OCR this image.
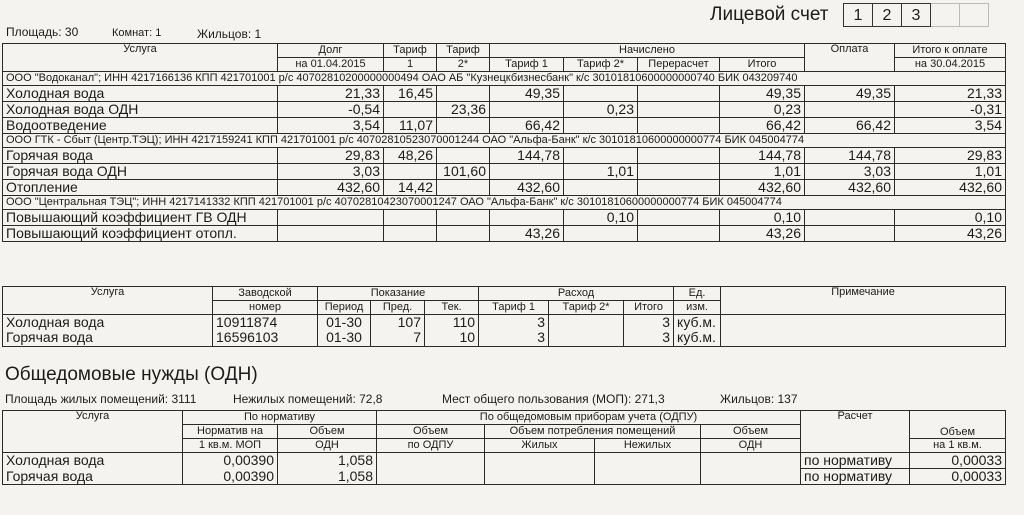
Лицевой счет 1	2	3		
Площадь: 30	Комнат: 1	Жильцов: 1
Услуга	Долг	Тариф	Тариф	Начислено				Оплата	Итого к оплате
	на 01.04.2015	1	2*	Тариф 1	Тариф 2*	Перерасчет	Итого		на 30.04.2015
ООО "Водоканал"; ИНН 4217166136 КПП 421701001 р/с 40702810200000000494 ОАО АБ "Кузнецкбизнесбанк" к/с 30101810600000000740 БИК 043209740									
Холодная вода	21,33	16,45		49,35			49,35	49,35	21,33
Холодная вода ОДН	-0,54		23,36		0,23		0,23		-0,31
Водоотведение	3,54	11,07		66,42			66,42	66,42	3,54
ООО ГТК - Сбыт (Центр.ТЭЦ); ИНН 4217159241 КПП 421701001 р/с 40702810523070001244 ОАО "Альфа-Банк" к/с 30101810600000000774 БИК 045004774									
Горячая вода	29,83	48,26		144,78			144,78	144,78	29,83
Горячая вода ОДН	3,03		101,60		1,01		1,01	3,03	1,01
Отопление	432,60	14,42		432,60			432,60	432,60	432,60
ООО "Центральная ТЭЦ"; ИНН 4217141332 КПП 421701001 р/с 40702810423070001247 ОАО "Альфа-Банк" к/с 30101810600000000774 БИК 045004774									
Повышающий коэффициент ГВ ОДН					0,10		0,10		0,10
Повышающий коэффициент отопл.				43,26			43,26		43,26
Услуга	Заводской	Показание			Расход			Ед.	Примечание
	номер	Период	Пред.	Тек.	Тариф 1	Тариф 2*	Итого	изм.	
Холодная вода	10911874	01-30	107	110	3		3	куб.м.	
Горячая вода	16596103	01-30	7	10	3		3	куб.м.	
Общедомовые нужды (ОДН)
Площадь жилых помещений: 3111	Нежилых помещений: 72,8	Мест общего пользования (МОП): 271,3	Жильцов: 137
Услуга	По нормативу		По общедомовым приборам учета (ОДПУ)				Расчет	Объем
	Норматив на	Объем	Объем	Объем потребления помещений		Объем		
	1 кв.м. МОП	ОДН	по ОДПУ	Жилых	Нежилых	ОДН		на 1 кв.м.
Холодная вода	0,00390	1,058					по нормативу	0,00033
Горячая вода	0,00390	1,058					по нормативу	0,00033
